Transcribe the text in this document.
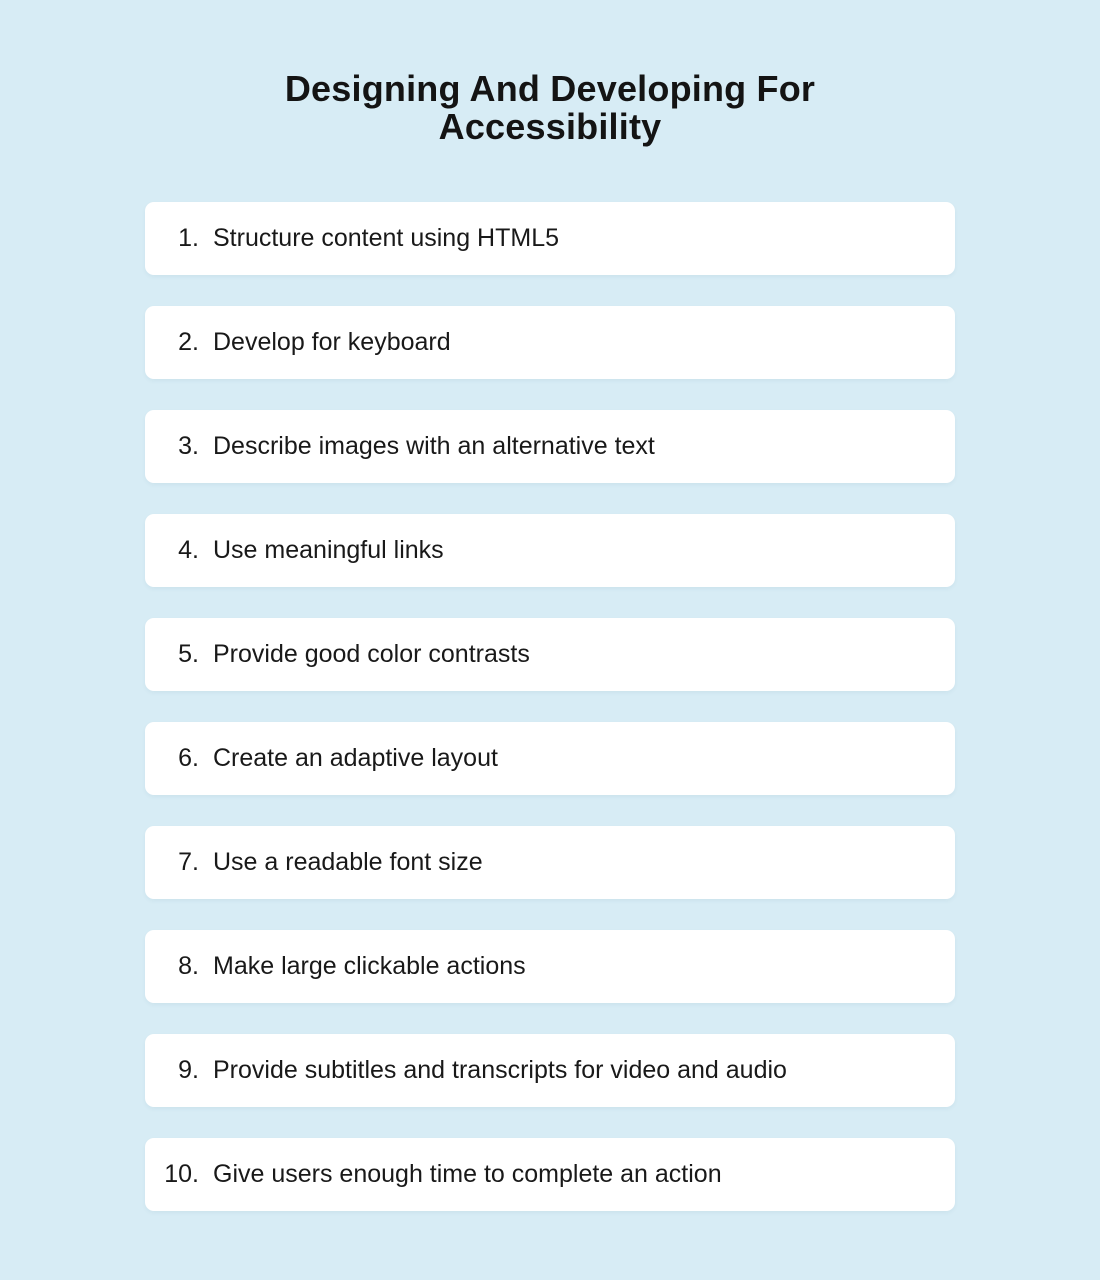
Designing And Developing For
Accessibility
1. Structure content using HTML5
2. Develop for keyboard
3. Describe images with an alternative text
4. Use meaningful links
5. Provide good color contrasts
6. Create an adaptive layout
7. Use a readable font size
8. Make large clickable actions
9. Provide subtitles and transcripts for video and audio
10. Give users enough time to complete an action
